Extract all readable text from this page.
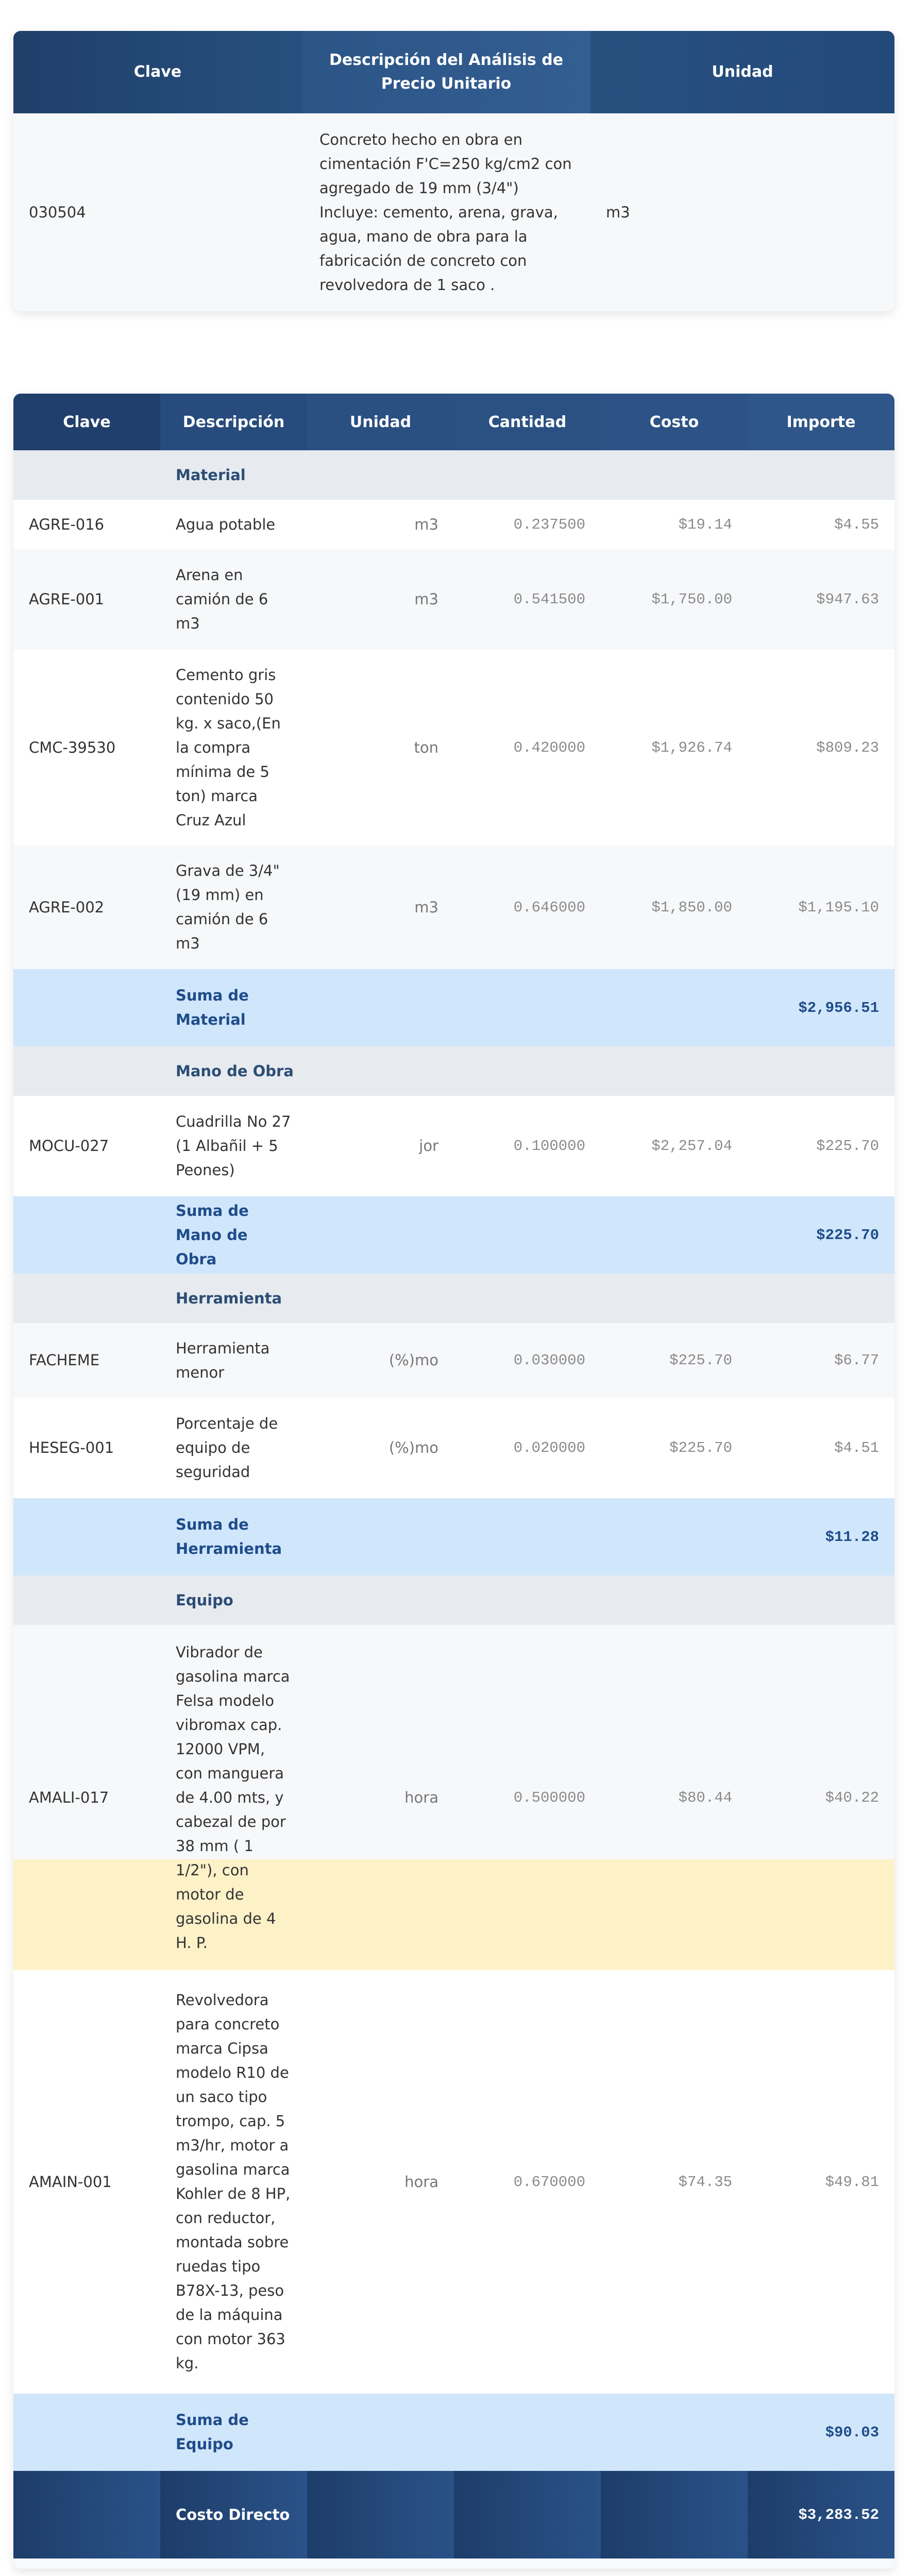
Clave	Descripción del Análisis de Precio Unitario	Unidad
030504	Concreto hecho en obra en cimentación F'C=250 kg/cm2 con agregado de 19 mm (3/4") Incluye: cemento, arena, grava, agua, mano de obra para la fabricación de concreto con revolvedora de 1 saco .	m3
Clave	Descripción	Unidad	Cantidad	Costo	Importe
	Material				
AGRE-016	Agua potable	m3	0.237500	$19.14	$4.55
AGRE-001	Arena en camión de 6 m3	m3	0.541500	$1,750.00	$947.63
CMC-39530	Cemento gris contenido 50 kg. x saco,(En la compra mínima de 5 ton) marca Cruz Azul	ton	0.420000	$1,926.74	$809.23
AGRE-002	Grava de 3/4" (19 mm) en camión de 6 m3	m3	0.646000	$1,850.00	$1,195.10
	Suma de Material				$2,956.51
	Mano de Obra				
MOCU-027	Cuadrilla No 27 (1 Albañil + 5 Peones)	jor	0.100000	$2,257.04	$225.70
	Suma de Mano de Obra				$225.70
	Herramienta				
FACHEME	Herramienta menor	(%)mo	0.030000	$225.70	$6.77
HESEG-001	Porcentaje de equipo de seguridad	(%)mo	0.020000	$225.70	$4.51
	Suma de Herramienta				$11.28
	Equipo				
AMALI-017	Vibrador de gasolina marca Felsa modelo vibromax cap. 12000 VPM, con manguera de 4.00 mts, y cabezal de por 38 mm ( 1 1/2"), con motor de gasolina de 4 H. P.	hora	0.500000	$80.44	$40.22
AMAIN-001	Revolvedora para concreto marca Cipsa modelo R10 de un saco tipo trompo, cap. 5 m3/hr, motor a gasolina marca Kohler de 8 HP, con reductor, montada sobre ruedas tipo B78X-13, peso de la máquina con motor 363 kg.	hora	0.670000	$74.35	$49.81
	Suma de Equipo				$90.03
	Costo Directo				$3,283.52
